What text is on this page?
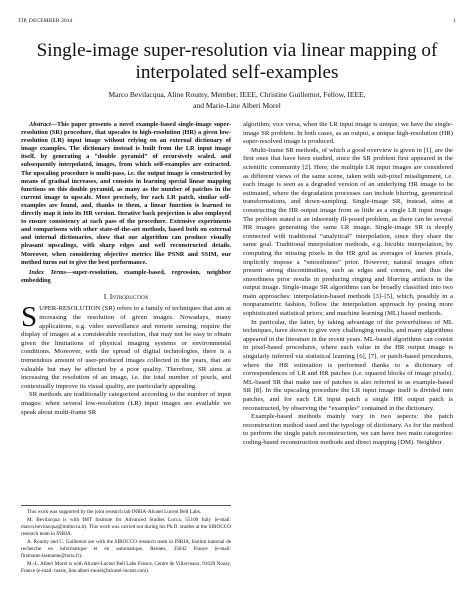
TIP, DECEMBER 2014	1
Single-image super-resolution via linear mapping of interpolated self-examples
Marco Bevilacqua, Aline Roumy, Member, IEEE, Christine Guillemot, Fellow, IEEE,
and Marie-Line Alberi Morel

Abstract—This paper presents a novel example-based single-image super-resolution (SR) procedure, that upscales to high-resolution (HR) a given low-resolution (LR) input image without relying on an external dictionary of image examples. The dictionary instead is built from the LR input image itself, by generating a “double pyramid” of recursively scaled, and subsequently interpolated, images, from which self-examples are extracted. The upscaling procedure is multi-pass, i.e. the output image is constructed by means of gradual increases, and consists in learning special linear mapping functions on this double pyramid, as many as the number of patches in the current image to upscale. More precisely, for each LR patch, similar self-examples are found, and, thanks to them, a linear function is learned to directly map it into its HR version. Iterative back projection is also employed to ensure consistency at each pass of the procedure. Extensive experiments and comparisons with other state-of-the-art methods, based both on external and internal dictionaries, show that our algorithm can produce visually pleasant upscalings, with sharp edges and well reconstructed details. Moreover, when considering objective metrics like PSNR and SSIM, our method turns out to give the best performance.

Index Terms—super-resolution, example-based, regression, neighbor embedding

I. Introduction

SUPER-RESOLUTION (SR) refers to a family of techniques that aim at increasing the resolution of given images. Nowadays, many applications, e.g. video surveillance and remote sensing, require the display of images at a considerable resolution, that may not be easy to obtain given the limitations of physical imaging systems or environmental conditions. Moreover, with the spread of digital technologies, there is a tremendous amount of user-produced images collected in the years, that are valuable but may be affected by a poor quality. Therefore, SR aims at increasing the resolution of an image, i.e. the total number of pixels, and contextually improve its visual quality, are particularly appealing.

SR methods are traditionally categorized according to the number of input images: when several low-resolution (LR) input images are available we speak about multi-frame SR

This work was supported by the joint research lab INRIA-Alcatel Lucent Bell Labs.

M. Bevilacqua is with IMT Institute for Advanced Studies Lucca, 55100 Italy (e-mail: marco.bevilacqua@imtlucca.it). This work was carried out during his Ph.D. studies at the SIROCCO research team in INRIA.

A. Roumy and C. Guillemot are with the SIROCCO research team in INRIA, Institut national de recherche en informatique et en automatique, Rennes, 35042 France (e-mail: firstname.lastname@inria.fr).

M.-L. Alberi Morel is with Alcatel-Lucent Bell Labs France, Centre de Villarceaux, 91620 Nozay, France (e-mail: marie_line.alberi-morel@alcatel-lucent.com).

algorithm; vice versa, when the LR input image is unique, we have the single-image SR problem. In both cases, as an output, a unique high-resolution (HR) super-resolved image is produced.

Multi-frame SR methods, of which a good overview is given in [1], are the first ones that have been studied, since the SR problem first appeared in the scientific community [2]. Here, the multiple LR input images are considered as different views of the same scene, taken with sub-pixel misalignment, i.e. each image is seen as a degraded version of an underlying HR image to be estimated, where the degradation processes can include blurring, geometrical transformations, and down-sampling. Single-image SR, instead, aims at constructing the HR output image from as little as a single LR input image. The problem stated is an inherently ill-posed problem, as there can be several HR images generating the same LR image. Single-image SR is deeply connected with traditional “analytical” interpolation, since they share the same goal. Traditional interpolation methods, e.g. bicubic interpolation, by computing the missing pixels in the HR grid as averages of known pixels, implicitly impose a “smoothness” prior. However, natural images often present strong discontinuities, such as edges and corners, and thus the smoothness prior results in producing ringing and blurring artifacts in the output image. Single-image SR algorithms can be broadly classified into two main approaches: interpolation-based methods [3]–[5], which, possibly in a nonparametric fashion, follow the interpolation approach by posing more sophisticated statistical priors; and machine learning (ML) based methods.

In particular, the latter, by taking advantage of the powerfulness of ML techniques, have shown to give very challenging results, and many algorithms appeared in the literature in the recent years. ML-based algorithms can consist in pixel-based procedures, where each value in the HR output image is singularly inferred via statistical learning [6], [7], or patch-based procedures, where the HR estimation is performed thanks to a dictionary of correspondences of LR and HR patches (i.e. squared blocks of image pixels). ML-based SR that make use of patches is also referred to as example-based SR [8]. In the upscaling procedure the LR input image itself is divided into patches, and for each LR input patch a single HR output patch is reconstructed, by observing the “examples” contained in the dictionary.

Example-based methods mainly vary in two aspects: the patch reconstruction method used and the typology of dictionary. As for the method to perform the single patch reconstruction, we can have two main categories: coding-based reconstruction methods and direct mapping (DM). Neighbor
